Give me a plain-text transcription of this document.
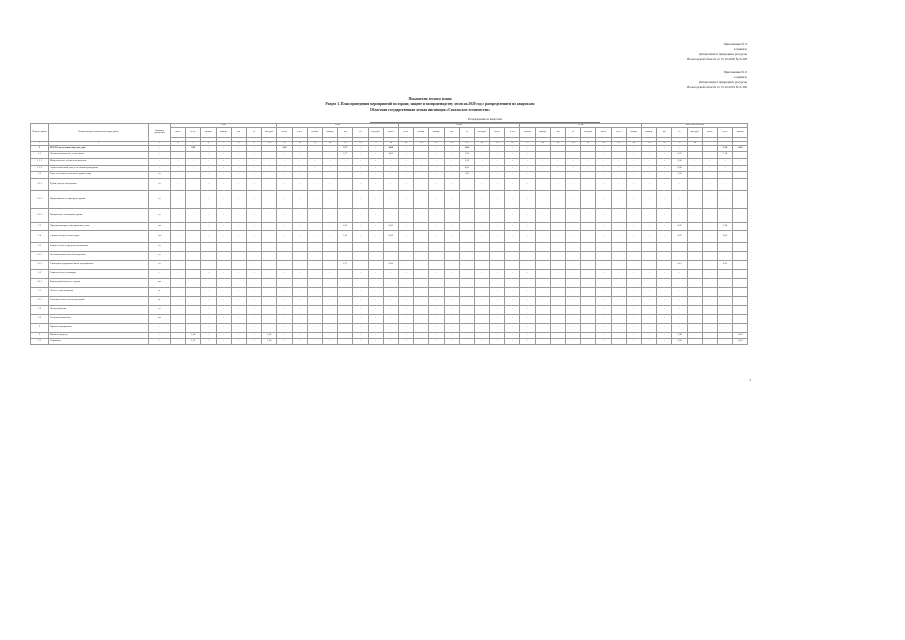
Приложение № 9
к приказу
Департамента природных ресурсов
Вологодской области от 15.10.2020 № 6-228
Приложение № 9
к приказу
Департамента природных ресурсов
Вологодской области от 15.10.2019 № 6-309
Показатели лесного плана
Раздел 1. План проведения мероприятий по охране, защите и воспроизводству лесов на 2020 год с распределением по кварталам
Областная государственная лесная инспекция «Сокольское лесничество»
Распределение по кварталам
Номер строки	Наименование показателя и вида работ	Единица измерения	I кв.							II кв.								III кв.								IV кв.								Всего на 2020 год						
			всего	в т.ч.	сплош.	выбор.	км	га	тыс.руб.	всего	в т.ч.	сплош.	выбор.	км	га	тыс.руб.	всего	в т.ч.	сплош.	выбор.	км	га	тыс.руб.	всего	в т.ч.	сплош.	выбор.	км	га	тыс.руб.	всего	в т.ч.	сплош.	выбор.	км	га	тыс.руб.	всего	в т.ч.	сплош.

1	2	3	4	5	6	7	8	9	10	11	12	13	14	15	16	17	18	19	20	21	22	23	24	25	26	27	28	29	30	31	32	33	34	35	36	37	38			
1	ВСЕГО по лесничеству, тыс. руб.	-	-	2,05	-	-	-	-	-	1,42	-	-	-	5,77	-	-	0,00	-	-	-	-	3,00	-	-	-	-	-	-	-	-	-	-	-	-	-	-	-	-	3,18	4,18
1.1	Лесовосстановление, в том числе:	-	-	-	-	-	-	-	-	-	-	-	-	5,77	-	-	8,00	-	-	-	-	1,20	-	-	-	-	-	-	-	-	-	-	-	-	-	6,27	-	-	7,18	-
1.1.1	Искусственное лесовосстановление	-	-	-	-	-	-	-	-	-	-	-	-	-	-	-	-	-	-	-	-	1,20	-	-	-	-	-	-	-	-	-	-	-	-	-	5,60	-	-	-	-
1.1.2	Агротехнический уход за лесными культурами	-	-	-	-	-	-	-	-	-	-	-	-	-	-	-	-	-	-	-	-	8,00	-	-	-	-	-	-	-	-	-	-	-	-	-	0,00	-	-	-	-
1.2	Уход за лесами, в том числе рубки ухода	га	-	-	-	-	-	-	-	-	-	-	-	-	-	-	-	-	-	-	-	1,00	-	-	-	-	-	-	-	-	-	-	-	-	-	2,50	-	-	-	-
1.2.1	Рубки ухода в молодняках	га	-	-	-	-	-	-	-	-	-	-	-	-	-	-	-	-	-	-	-	-	-	-	-	-	-	-	-	-	-	-	-	-	-	-	-	-	-	-
1.2.2	Прореживание и проходные рубки	га	-	-	-	-	-	-	-	-	-	-	-	-	-	-	-	-	-	-	-	-	-	-	-	-	-	-	-	-	-	-	-	-	-	-	-	-	-	-
1.2.3	Выборочные санитарные рубки	га	-	-	-	-	-	-	-	-	-	-	-	-	-	-	-	-	-	-	-	-	-	-	-	-	-	-	-	-	-	-	-	-	-	-	-	-	-	-
1.3	Противопожарное обустройство лесов	км	-	-	-	-	-	-	-	-	-	-	-	4,07	-	-	0,00	-	-	-	-	-	-	-	-	-	-	-	-	-	-	-	-	-	-	0,25	-	-	7,08	-
1.4	Строительство лесных дорог	км	-	-	-	-	-	-	-	-	-	-	-	1,07	-	-	0,00	-	-	-	-	-	-	-	-	-	-	-	-	-	-	-	-	-	-	4,22	-	-	0,05	-
1.5	Защита лесов от вредных организмов	га																																						
1.5.1	Лесопатологические обследования	га																																						
1.5.2	Санитарно-оздоровительные мероприятия	га												6,77			0,00																			4,12			0,05	
1.6	Охрана лесов от пожаров	-	-	-	-	-	-	-	-	-	-	-	-	-	-	-	-	-	-	-	-	-	-	-	-	-	-	-	-	-	-	-	-	-	-	-	-	-	-	-
1.6.1	Благоустройство мест отдыха	шт.																																						
1.7	Лесное семеноводство	кг	-	-	-	-	-	-	-	-	-	-	-	-	-	-	-	-	-	-	-	-	-	-	-	-	-	-	-	-	-	-	-	-	-	-	-	-	-	-
1.7.1	Заготовка семян лесных растений	кг	-	-	-	-	-	-	-	-	-	-	-	-	-	-	-	-	-	-	-	-	-	-	-	-	-	-	-	-	-	-	-	-	-	-	-	-	-	-
1.8	Лесоустройство	га	-	-	-	-	-	-	-	-	-	-	-	-	-	-	-	-	-	-	-	-	-	-	-	-	-	-	-	-	-	-	-	-	-	-	-	-	-	-
1.9	Установка аншлагов	шт.	-	-	-	-	-	-	-	-	-	-	-	-	-	-	-	-	-	-	-	-	-	-	-	-	-	-	-	-	-	-	-	-	-	-	-	-	-	-
2	Прочие мероприятия	-	-	-	-	-	-	-	-	-	-	-	-	-	-	-	-	-	-	-	-	-	-	-	-	-	-	-	-	-	-	-	-	-	-	-	-	-	-	-
3	Итого по разделу	-	-	1,48	-	-	-	-	1,02	-	-	-	-	-	-	-	-	-	-	-	-	-	-	-	-	-	-	-	-	-	-	-	-	-	-	7,48	-	-	-	0,94
3.1	Справочно	-	-	1,05	-	-	-	-	1,00	-	-	-	-	-	-	-	-	-	-	-	-	-	-	-	-	-	-	-	-	-	-	-	-	-	-	3,00	-	-	-	0,94
2
